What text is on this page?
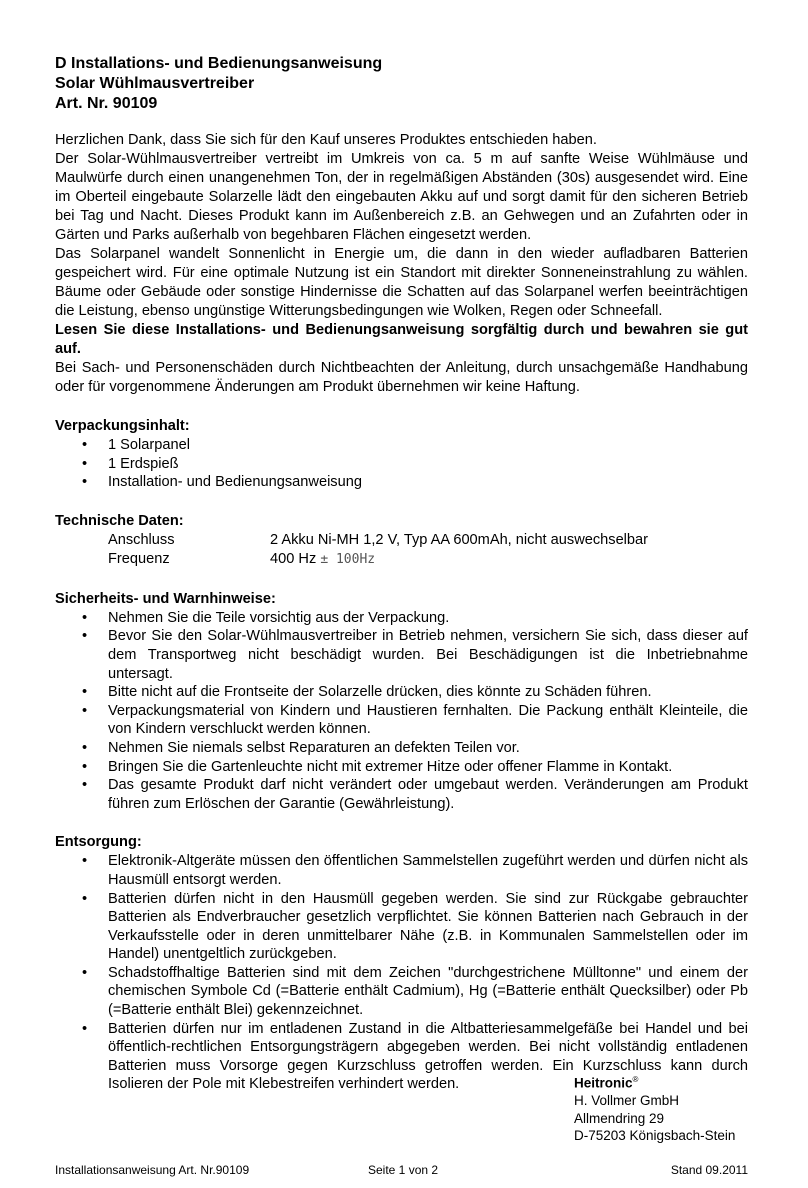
D Installations- und Bedienungsanweisung
Solar Wühlmausvertreiber
Art. Nr. 90109

Herzlichen Dank, dass Sie sich für den Kauf unseres Produktes entschieden haben.

Der Solar-Wühlmausvertreiber vertreibt im Umkreis von ca. 5 m auf sanfte Weise Wühlmäuse und Maulwürfe durch einen unangenehmen Ton, der in regelmäßigen Abständen (30s) ausgesendet wird. Eine im Oberteil eingebaute Solarzelle lädt den eingebauten Akku auf und sorgt damit für den sicheren Betrieb bei Tag und Nacht. Dieses Produkt kann im Außenbereich z.B. an Gehwegen und an Zufahrten oder in Gärten und Parks außerhalb von begehbaren Flächen eingesetzt werden.

Das Solarpanel wandelt Sonnenlicht in Energie um, die dann in den wieder aufladbaren Batterien gespeichert wird. Für eine optimale Nutzung ist ein Standort mit direkter Sonneneinstrahlung zu wählen. Bäume oder Gebäude oder sonstige Hindernisse die Schatten auf das Solarpanel werfen beeinträchtigen die Leistung, ebenso ungünstige Witterungsbedingungen wie Wolken, Regen oder Schneefall.

Lesen Sie diese Installations- und Bedienungsanweisung sorgfältig durch und bewahren sie gut auf.

Bei Sach- und Personenschäden durch Nichtbeachten der Anleitung, durch unsachgemäße Handhabung oder für vorgenommene Änderungen am Produkt übernehmen wir keine Haftung.

Verpackungsinhalt:
• 1 Solarpanel
• 1 Erdspieß
• Installation- und Bedienungsanweisung
Technische Daten:
Anschluss	2 Akku Ni-MH 1,2 V, Typ AA 600mAh, nicht auswechselbar
Frequenz	400 Hz ± 100Hz
Sicherheits- und Warnhinweise:
• Nehmen Sie die Teile vorsichtig aus der Verpackung.
• Bevor Sie den Solar-Wühlmausvertreiber in Betrieb nehmen, versichern Sie sich, dass dieser auf dem Transportweg nicht beschädigt wurden. Bei Beschädigungen ist die Inbetriebnahme untersagt.
• Bitte nicht auf die Frontseite der Solarzelle drücken, dies könnte zu Schäden führen.
• Verpackungsmaterial von Kindern und Haustieren fernhalten. Die Packung enthält Kleinteile, die von Kindern verschluckt werden können.
• Nehmen Sie niemals selbst Reparaturen an defekten Teilen vor.
• Bringen Sie die Gartenleuchte nicht mit extremer Hitze oder offener Flamme in Kontakt.
• Das gesamte Produkt darf nicht verändert oder umgebaut werden. Veränderungen am Produkt führen zum Erlöschen der Garantie (Gewährleistung).
Entsorgung:
• Elektronik-Altgeräte müssen den öffentlichen Sammelstellen zugeführt werden und dürfen nicht als Hausmüll entsorgt werden.
• Batterien dürfen nicht in den Hausmüll gegeben werden. Sie sind zur Rückgabe gebrauchter Batterien als Endverbraucher gesetzlich verpflichtet. Sie können Batterien nach Gebrauch in der Verkaufsstelle oder in deren unmittelbarer Nähe (z.B. in Kommunalen Sammelstellen oder im Handel) unentgeltlich zurückgeben.
• Schadstoffhaltige Batterien sind mit dem Zeichen "durchgestrichene Mülltonne" und einem der chemischen Symbole Cd (=Batterie enthält Cadmium), Hg (=Batterie enthält Quecksilber) oder Pb (=Batterie enthält Blei) gekennzeichnet.
• Batterien dürfen nur im entladenen Zustand in die Altbatteriesammelgefäße bei Handel und bei öffentlich-rechtlichen Entsorgungsträgern abgegeben werden. Bei nicht vollständig entladenen Batterien muss Vorsorge gegen Kurzschluss getroffen werden. Ein Kurzschluss kann durch Isolieren der Pole mit Klebestreifen verhindert werden.	Heitronic®
H. Vollmer GmbH
Allmendring 29
D-75203 Königsbach-Stein
Installationsanweisung Art. Nr.90109	Seite 1 von 2	Stand 09.2011
